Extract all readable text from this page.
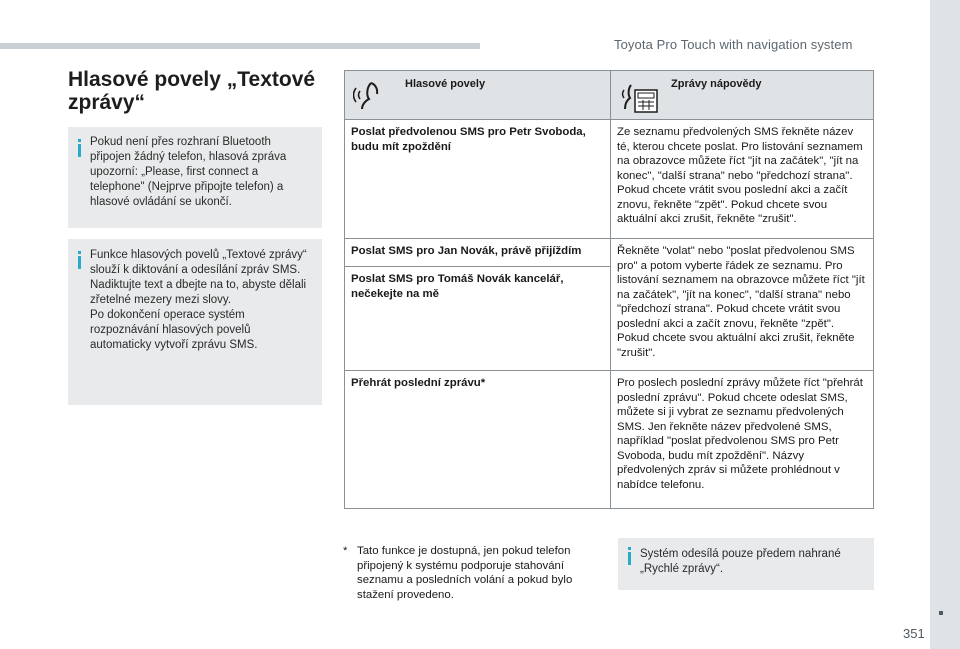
Toyota Pro Touch with navigation system
351
Hlasové povely „Textové zprávy“
Pokud není přes rozhraní Bluetooth připojen žádný telefon, hlasová zpráva upozorní: „Please, first connect a telephone" (Nejprve připojte telefon) a hlasové ovládání se ukončí.
Funkce hlasových povelů „Textové zprávy“ slouží k diktování a odesílání zpráv SMS. Nadiktujte text a dbejte na to, abyste dělali zřetelné mezery mezi slovy.
Po dokončení operace systém rozpoznávání hlasových povelů automaticky vytvoří zprávu SMS.
Hlasové povely	Zprávy nápovědy

Poslat předvolenou SMS pro Petr Svoboda, budu mít zpoždění	Ze seznamu předvolených SMS řekněte název té, kterou chcete poslat. Pro listování seznamem na obrazovce můžete říct "jít na začátek", "jít na konec", "další strana" nebo "předchozí strana". Pokud chcete vrátit svou poslední akci a začít znovu, řekněte "zpět". Pokud chcete svou aktuální akci zrušit, řekněte "zrušit".
Poslat SMS pro Jan Novák, právě přijíždím	Řekněte "volat" nebo "poslat předvolenou SMS pro" a potom vyberte řádek ze seznamu. Pro listování seznamem na obrazovce můžete říct "jít na začátek", "jít na konec", "další strana" nebo "předchozí strana". Pokud chcete vrátit svou poslední akci a začít znovu, řekněte "zpět". Pokud chcete svou aktuální akci zrušit, řekněte "zrušit".
Poslat SMS pro Tomáš Novák kancelář, nečekejte na mě	
Přehrát poslední zprávu*	Pro poslech poslední zprávy můžete říct "přehrát poslední zprávu". Pokud chcete odeslat SMS, můžete si ji vybrat ze seznamu předvolených SMS. Jen řekněte název předvolené SMS, například "poslat předvolenou SMS pro Petr Svoboda, budu mít zpoždění". Názvy předvolených zpráv si můžete prohlédnout v nabídce telefonu.
* Tato funkce je dostupná, jen pokud telefon připojený k systému podporuje stahování seznamu a posledních volání a pokud bylo stažení provedeno.
Systém odesílá pouze předem nahrané „Rychlé zprávy“.
